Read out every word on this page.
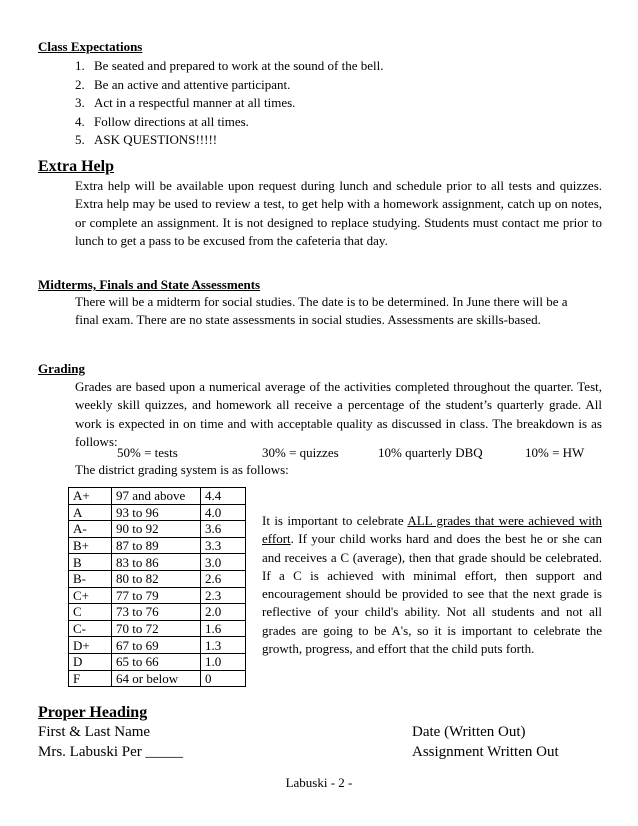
Class Expectations
1. Be seated and prepared to work at the sound of the bell.
2. Be an active and attentive participant.
3. Act in a respectful manner at all times.
4. Follow directions at all times.
5. ASK QUESTIONS!!!!!
Extra Help
Extra help will be available upon request during lunch and schedule prior to all tests and quizzes. Extra help may be used to review a test, to get help with a homework assignment, catch up on notes, or complete an assignment. It is not designed to replace studying. Students must contact me prior to lunch to get a pass to be excused from the cafeteria that day.
Midterms, Finals and State Assessments
There will be a midterm for social studies. The date is to be determined. In June there will be a final exam. There are no state assessments in social studies. Assessments are skills-based.
Grading
Grades are based upon a numerical average of the activities completed throughout the quarter. Test, weekly skill quizzes, and homework all receive a percentage of the student’s quarterly grade. All work is expected in on time and with acceptable quality as discussed in class. The breakdown is as follows:
50% = tests	30% = quizzes	10% quarterly DBQ	10% = HW
The district grading system is as follows:
A+	97 and above	4.4
A	93 to 96	4.0
A-	90 to 92	3.6
B+	87 to 89	3.3
B	83 to 86	3.0
B-	80 to 82	2.6
C+	77 to 79	2.3
C	73 to 76	2.0
C-	70 to 72	1.6
D+	67 to 69	1.3
D	65 to 66	1.0
F	64 or below	0
It is important to celebrate ALL grades that were achieved with effort. If your child works hard and does the best he or she can and receives a C (average), then that grade should be celebrated. If a C is achieved with minimal effort, then support and encouragement should be provided to see that the next grade is reflective of your child's ability. Not all students and not all grades are going to be A's, so it is important to celebrate the growth, progress, and effort that the child puts forth.
Proper Heading
First & Last Name	Date (Written Out)
Mrs. Labuski Per _____	Assignment Written Out
Labuski - 2 -
